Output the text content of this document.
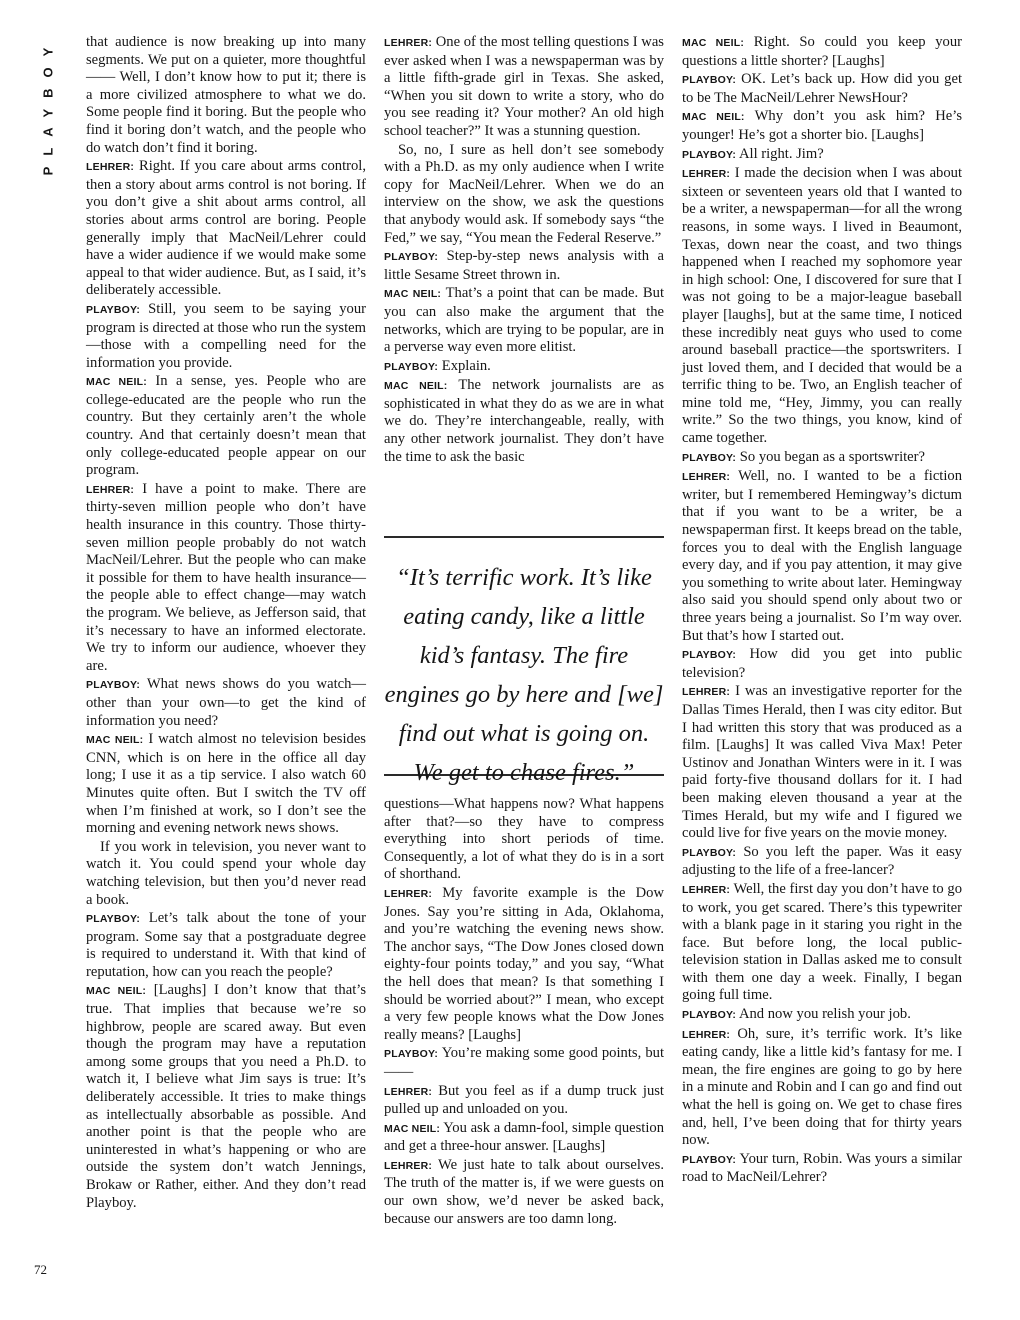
PLAYBOY that audience is now breaking up into many segments. We put on a quieter, more thoughtful—— Well, I don’t know how to put it; there is a more civilized atmosphere to what we do. Some people find it boring. But the people who find it boring don’t watch, and the people who do watch don’t find it boring.

LEHRER: Right. If you care about arms control, then a story about arms control is not boring. If you don’t give a shit about arms control, all stories about arms control are boring. People generally imply that MacNeil/Lehrer could have a wider audience if we would make some appeal to that wider audience. But, as I said, it’s deliberately accessible.

PLAYBOY: Still, you seem to be saying your program is directed at those who run the system—those with a compelling need for the information you provide.

MAC NEIL: In a sense, yes. People who are college-educated are the people who run the country. But they certainly aren’t the whole country. And that certainly doesn’t mean that only college-educated people appear on our program.

LEHRER: I have a point to make. There are thirty-seven million people who don’t have health insurance in this country. Those thirty-seven million people probably do not watch MacNeil/Lehrer. But the people who can make it possible for them to have health insurance—the people able to effect change—may watch the program. We believe, as Jefferson said, that it’s necessary to have an informed electorate. We try to inform our audience, whoever they are.

PLAYBOY: What news shows do you watch—other than your own—to get the kind of information you need?

MAC NEIL: I watch almost no television besides CNN, which is on here in the office all day long; I use it as a tip service. I also watch 60 Minutes quite often. But I switch the TV off when I’m finished at work, so I don’t see the morning and evening network news shows.

If you work in television, you never want to watch it. You could spend your whole day watching television, but then you’d never read a book.

PLAYBOY: Let’s talk about the tone of your program. Some say that a postgraduate degree is required to understand it. With that kind of reputation, how can you reach the people?

MAC NEIL: [Laughs] I don’t know that that’s true. That implies that because we’re so highbrow, people are scared away. But even though the program may have a reputation among some groups that you need a Ph.D. to watch it, I believe what Jim says is true: It’s deliberately accessible. It tries to make things as intellectually absorbable as possible. And another point is that the people who are uninterested in what’s happening or who are outside the system don’t watch Jennings, Brokaw or Rather, either. And they don’t read Playboy.

LEHRER: One of the most telling questions I was ever asked when I was a newspaperman was by a little fifth-grade girl in Texas. She asked, “When you sit down to write a story, who do you see reading it? Your mother? An old high school teacher?” It was a stunning question.

So, no, I sure as hell don’t see somebody with a Ph.D. as my only audience when I write copy for MacNeil/Lehrer. When we do an interview on the show, we ask the questions that anybody would ask. If somebody says “the Fed,” we say, “You mean the Federal Reserve.”

PLAYBOY: Step-by-step news analysis with a little Sesame Street thrown in.

MAC NEIL: That’s a point that can be made. But you can also make the argument that the networks, which are trying to be popular, are in a perverse way even more elitist.

PLAYBOY: Explain.

MAC NEIL: The network journalists are as sophisticated in what they do as we are in what we do. They’re interchangeable, really, with any other network journalist. They don’t have the time to ask the basic

“It’s terrific work. It’s like eating candy, like a little kid’s fantasy. The fire engines go by here and [we] find out what is going on. We get to chase fires.”

questions—What happens now? What happens after that?—so they have to compress everything into short periods of time. Consequently, a lot of what they do is in a sort of shorthand.

LEHRER: My favorite example is the Dow Jones. Say you’re sitting in Ada, Oklahoma, and you’re watching the evening news show. The anchor says, “The Dow Jones closed down eighty-four points today,” and you say, “What the hell does that mean? Is that something I should be worried about?” I mean, who except a very few people knows what the Dow Jones really means? [Laughs]

PLAYBOY: You’re making some good points, but——

LEHRER: But you feel as if a dump truck just pulled up and unloaded on you.

MAC NEIL: You ask a damn-fool, simple question and get a three-hour answer. [Laughs]

LEHRER: We just hate to talk about ourselves. The truth of the matter is, if we were guests on our own show, we’d never be asked back, because our answers are too damn long.

MAC NEIL: Right. So could you keep your questions a little shorter? [Laughs]

PLAYBOY: OK. Let’s back up. How did you get to be The MacNeil/Lehrer NewsHour?

MAC NEIL: Why don’t you ask him? He’s younger! He’s got a shorter bio. [Laughs]

PLAYBOY: All right. Jim?

LEHRER: I made the decision when I was about sixteen or seventeen years old that I wanted to be a writer, a newspaperman—for all the wrong reasons, in some ways. I lived in Beaumont, Texas, down near the coast, and two things happened when I reached my sophomore year in high school: One, I discovered for sure that I was not going to be a major-league baseball player [laughs], but at the same time, I noticed these incredibly neat guys who used to come around baseball practice—the sportswriters. I just loved them, and I decided that would be a terrific thing to be. Two, an English teacher of mine told me, “Hey, Jimmy, you can really write.” So the two things, you know, kind of came together.

PLAYBOY: So you began as a sportswriter?

LEHRER: Well, no. I wanted to be a fiction writer, but I remembered Hemingway’s dictum that if you want to be a writer, be a newspaperman first. It keeps bread on the table, forces you to deal with the English language every day, and if you pay attention, it may give you something to write about later. Hemingway also said you should spend only about two or three years being a journalist. So I’m way over. But that’s how I started out.

PLAYBOY: How did you get into public television?

LEHRER: I was an investigative reporter for the Dallas Times Herald, then I was city editor. But I had written this story that was produced as a film. [Laughs] It was called Viva Max! Peter Ustinov and Jonathan Winters were in it. I was paid forty-five thousand dollars for it. I had been making eleven thousand a year at the Times Herald, but my wife and I figured we could live for five years on the movie money.

PLAYBOY: So you left the paper. Was it easy adjusting to the life of a free-lancer?

LEHRER: Well, the first day you don’t have to go to work, you get scared. There’s this typewriter with a blank page in it staring you right in the face. But before long, the local public-television station in Dallas asked me to consult with them one day a week. Finally, I began going full time.

PLAYBOY: And now you relish your job.

LEHRER: Oh, sure, it’s terrific work. It’s like eating candy, like a little kid’s fantasy for me. I mean, the fire engines are going to go by here in a minute and Robin and I can go and find out what the hell is going on. We get to chase fires and, hell, I’ve been doing that for thirty years now.

PLAYBOY: Your turn, Robin. Was yours a similar road to MacNeil/Lehrer?

72
